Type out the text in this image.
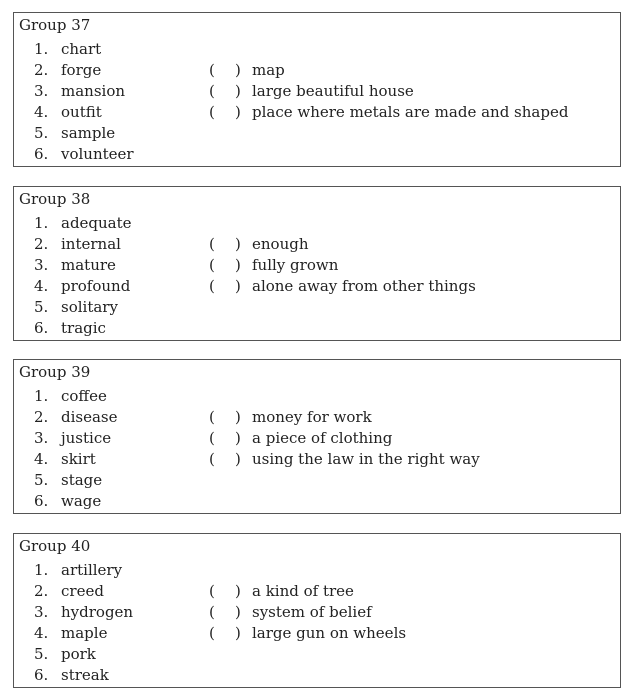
Group 37
1. chart
2. forge	( ) map
3. mansion	( ) large beautiful house
4. outfit	( ) place where metals are made and shaped
5. sample
6. volunteer
Group 38
1. adequate
2. internal	( ) enough
3. mature	( ) fully grown
4. profound	( ) alone away from other things
5. solitary
6. tragic
Group 39
1. coffee
2. disease	( ) money for work
3. justice	( ) a piece of clothing
4. skirt	( ) using the law in the right way
5. stage
6. wage
Group 40
1. artillery
2. creed	( ) a kind of tree
3. hydrogen	( ) system of belief
4. maple	( ) large gun on wheels
5. pork
6. streak
